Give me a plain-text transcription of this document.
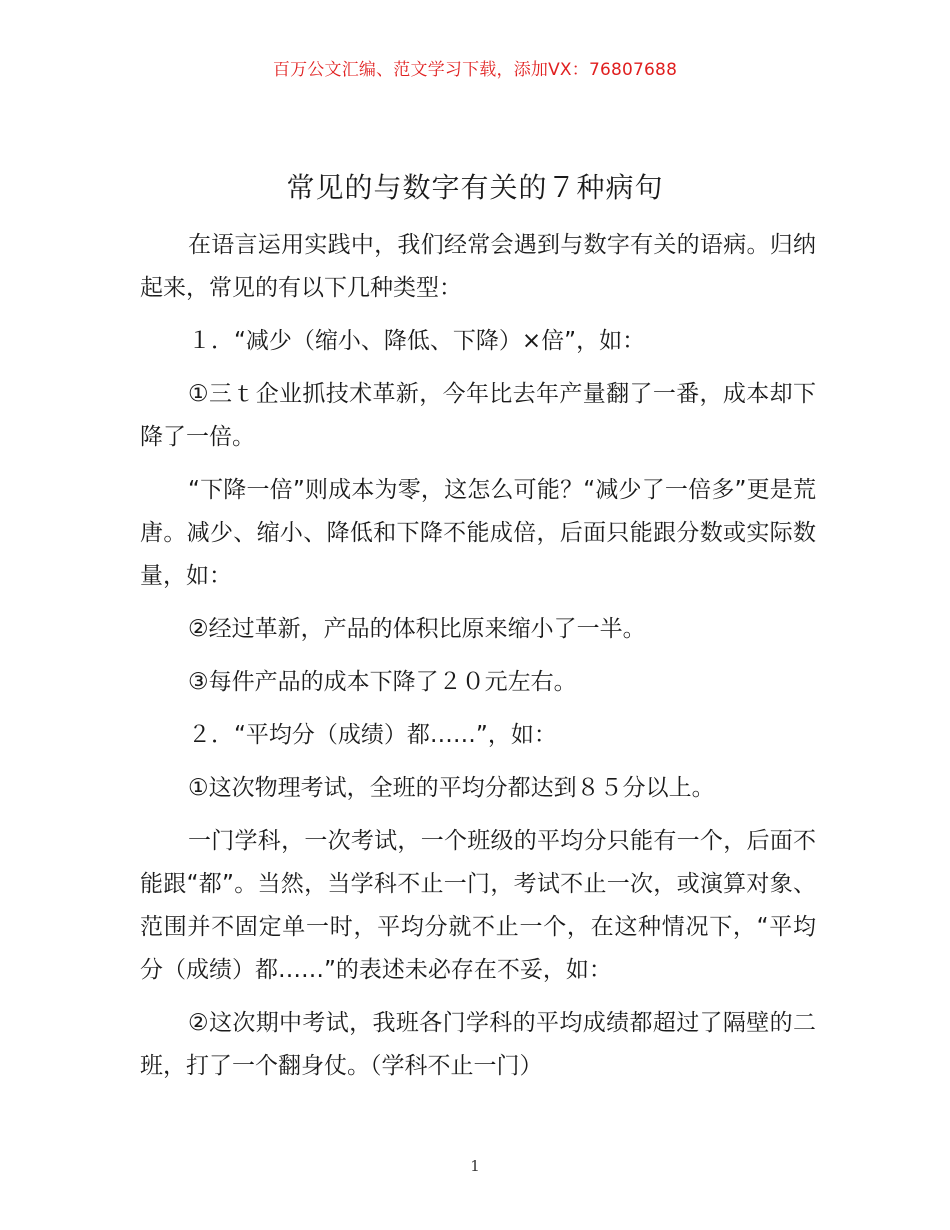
百万公文汇编、范文学习下载，添加VX：76807688
常见的与数字有关的７种病句

在语言运用实践中，我们经常会遇到与数字有关的语病。归纳起来，常见的有以下几种类型：

１．“减少（缩小、降低、下降）×倍”，如：

①三ｔ企业抓技术革新，今年比去年产量翻了一番，成本却下降了一倍。

“下降一倍”则成本为零，这怎么可能？“减少了一倍多”更是荒唐。减少、缩小、降低和下降不能成倍，后面只能跟分数或实际数量，如：

②经过革新，产品的体积比原来缩小了一半。

③每件产品的成本下降了２０元左右。

２．“平均分（成绩）都……”，如：

①这次物理考试，全班的平均分都达到８５分以上。

一门学科，一次考试，一个班级的平均分只能有一个，后面不能跟“都”。当然，当学科不止一门，考试不止一次，或演算对象、范围并不固定单一时，平均分就不止一个，在这种情况下，“平均分（成绩）都……”的表述未必存在不妥，如：

②这次期中考试，我班各门学科的平均成绩都超过了隔壁的二班，打了一个翻身仗。（学科不止一门）

1
